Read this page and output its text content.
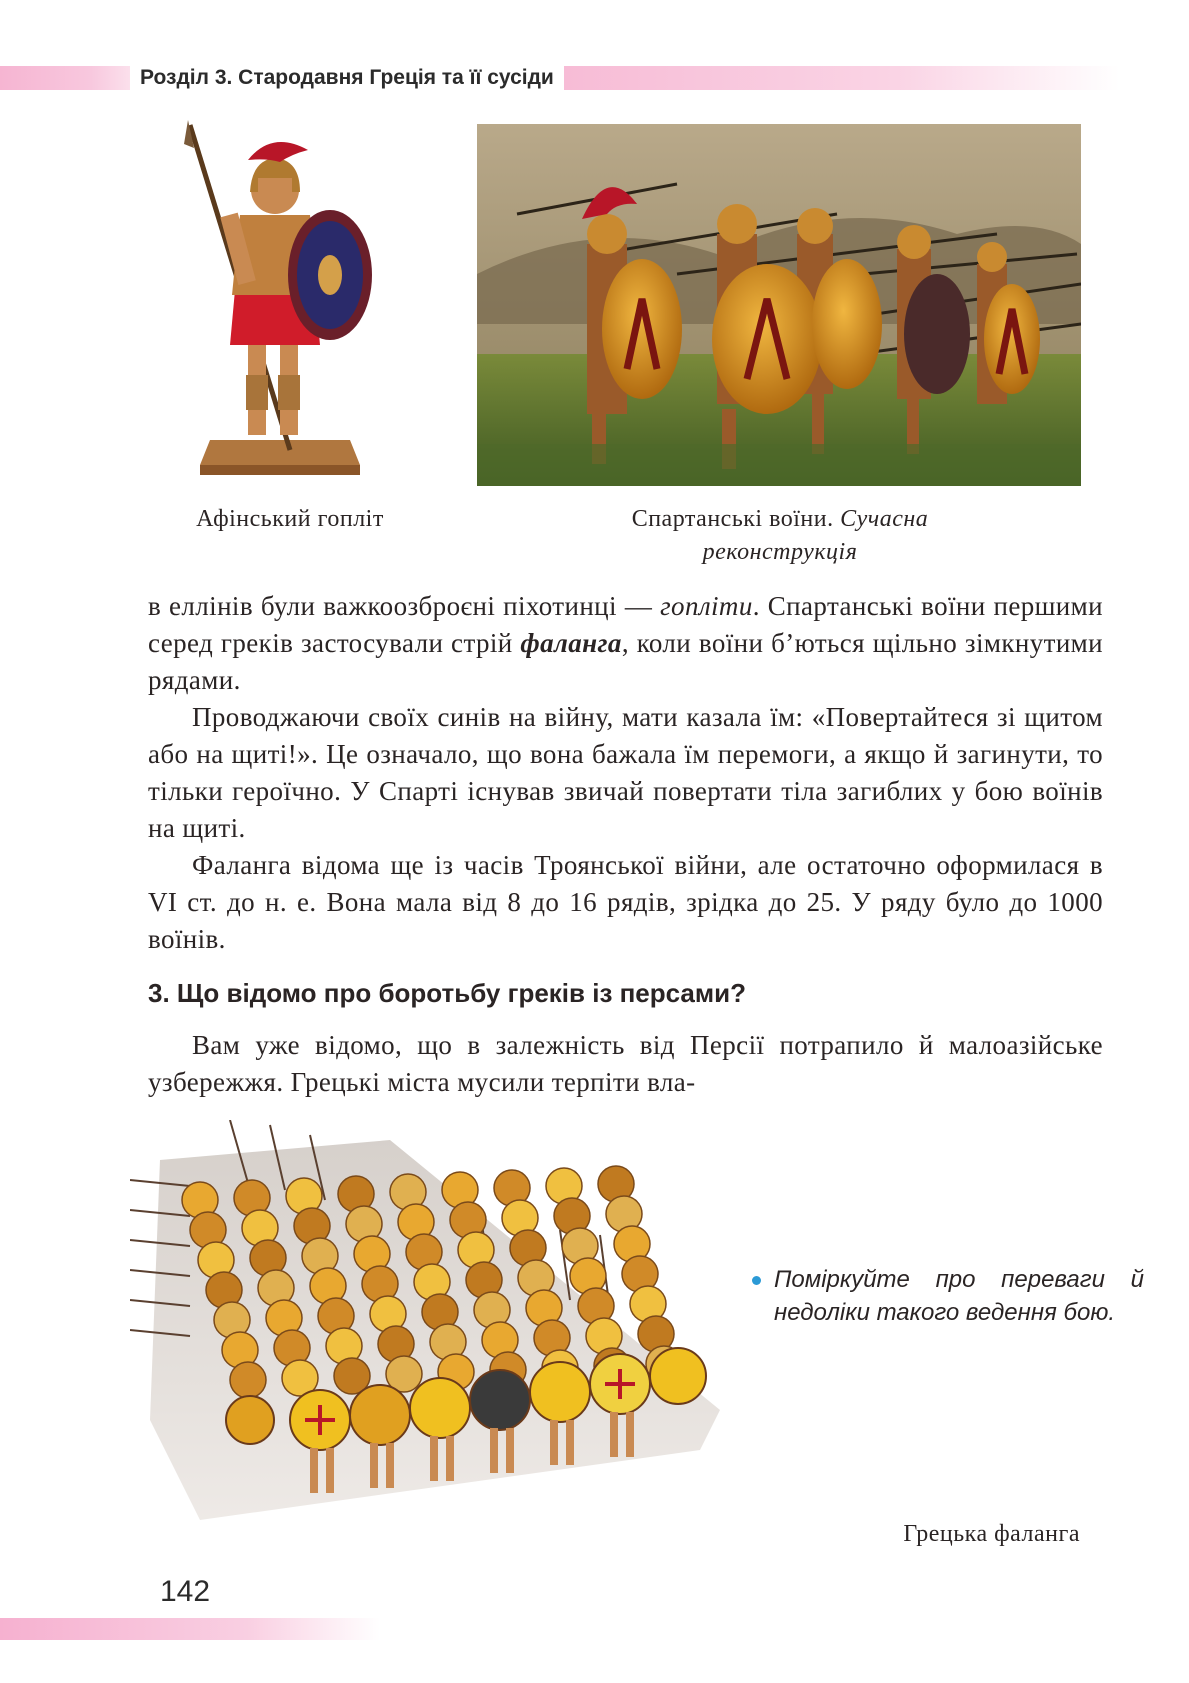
Розділ 3. Стародавня Греція та її сусіди
Афінський гопліт	Спартанські воїни. Сучасна реконструкція

в еллінів були важкоозброєні піхотинці — гопліти. Спартанські воїни першими серед греків застосували стрій фаланга, коли воїни б’ються щільно зімкнутими рядами.

Проводжаючи своїх синів на війну, мати казала їм: «Повертайтеся зі щитом або на щиті!». Це означало, що вона бажала їм перемоги, а якщо й загинути, то тільки героїчно. У Спарті існував звичай повертати тіла загиблих у бою воїнів на щиті.

Фаланга відома ще із часів Троянської війни, але остаточно оформилася в VI ст. до н. е. Вона мала від 8 до 16 рядів, зрідка до 25. У ряду було до 1000 воїнів.

3. Що відомо про боротьбу греків із персами?

Вам уже відомо, що в залежність від Персії потрапило й малоазійське узбережжя. Грецькі міста мусили терпіти вла-

Поміркуйте про переваги й недоліки такого ведення бою.
Грецька фаланга
142
